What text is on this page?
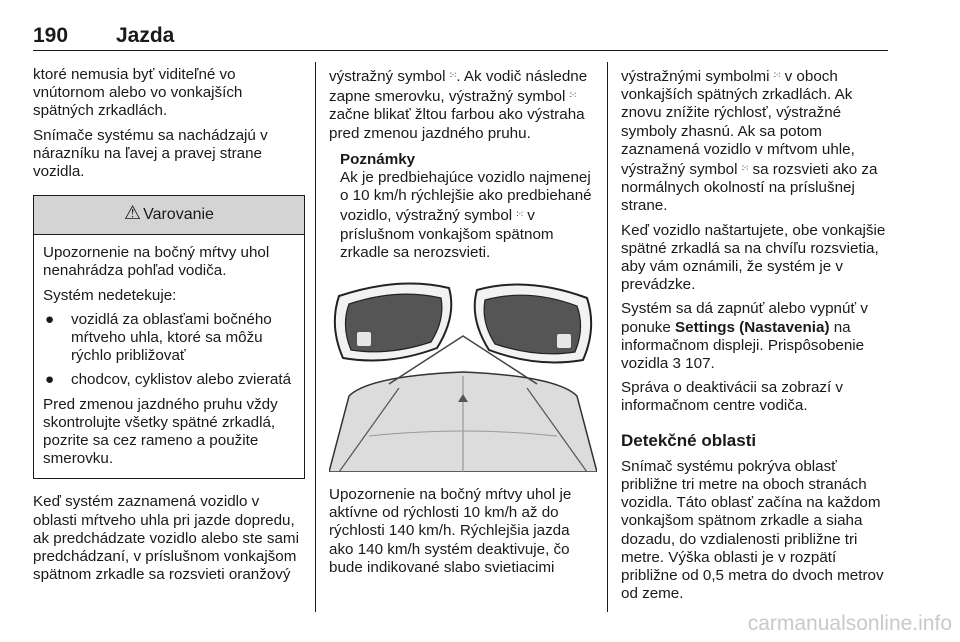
190 Jazda

ktoré nemusia byť viditeľné vo vnútornom alebo vo vonkajších spätných zrkadlách.

Snímače systému sa nachádzajú v nárazníku na ľavej a pravej strane vozidla.

⚠ Varovanie

Upozornenie na bočný mŕtvy uhol nenahrádza pohľad vodiča.

Systém nedetekuje:

● vozidlá za oblasťami bočného mŕtveho uhla, ktoré sa môžu rýchlo približovať
● chodcov, cyklistov alebo zvieratá

Pred zmenou jazdného pruhu vždy skontrolujte všetky spätné zrkadlá, pozrite sa cez rameno a použite smerovku.

Keď systém zaznamená vozidlo v oblasti mŕtveho uhla pri jazde dopredu, ak predchádzate vozidlo alebo ste sami predchádzaní, v príslušnom vonkajšom spätnom zrkadle sa rozsvieti oranžový

výstražný symbol ∶⁖. Ak vodič následne zapne smerovku, výstražný symbol ∶⁖ začne blikať žltou farbou ako výstraha pred zmenou jazdného pruhu.

Poznámky

Ak je predbiehajúce vozidlo najmenej o 10 km/h rýchlejšie ako predbiehané vozidlo, výstražný symbol ∶⁖ v príslušnom vonkajšom spätnom zrkadle sa nerozsvieti.

Upozornenie na bočný mŕtvy uhol je aktívne od rýchlosti 10 km/h až do rýchlosti 140 km/h. Rýchlejšia jazda ako 140 km/h systém deaktivuje, čo bude indikované slabo svietiacimi

výstražnými symbolmi ∶⁖ v oboch vonkajších spätných zrkadlách. Ak znovu znížite rýchlosť, výstražné symboly zhasnú. Ak sa potom zaznamená vozidlo v mŕtvom uhle, výstražný symbol ∶⁖ sa rozsvieti ako za normálnych okolností na príslušnej strane.

Keď vozidlo naštartujete, obe vonkajšie spätné zrkadlá sa na chvíľu rozsvietia, aby vám oznámili, že systém je v prevádzke.

Systém sa dá zapnúť alebo vypnúť v ponuke Settings (Nastavenia) na informačnom displeji. Prispôsobenie vozidla 3 107.

Správa o deaktivácii sa zobrazí v informačnom centre vodiča.

Detekčné oblasti

Snímač systému pokrýva oblasť približne tri metre na oboch stranách vozidla. Táto oblasť začína na každom vonkajšom spätnom zrkadle a siaha dozadu, do vzdialenosti približne tri metre. Výška oblasti je v rozpätí približne od 0,5 metra do dvoch metrov od zeme.

carmanualsonline.info
